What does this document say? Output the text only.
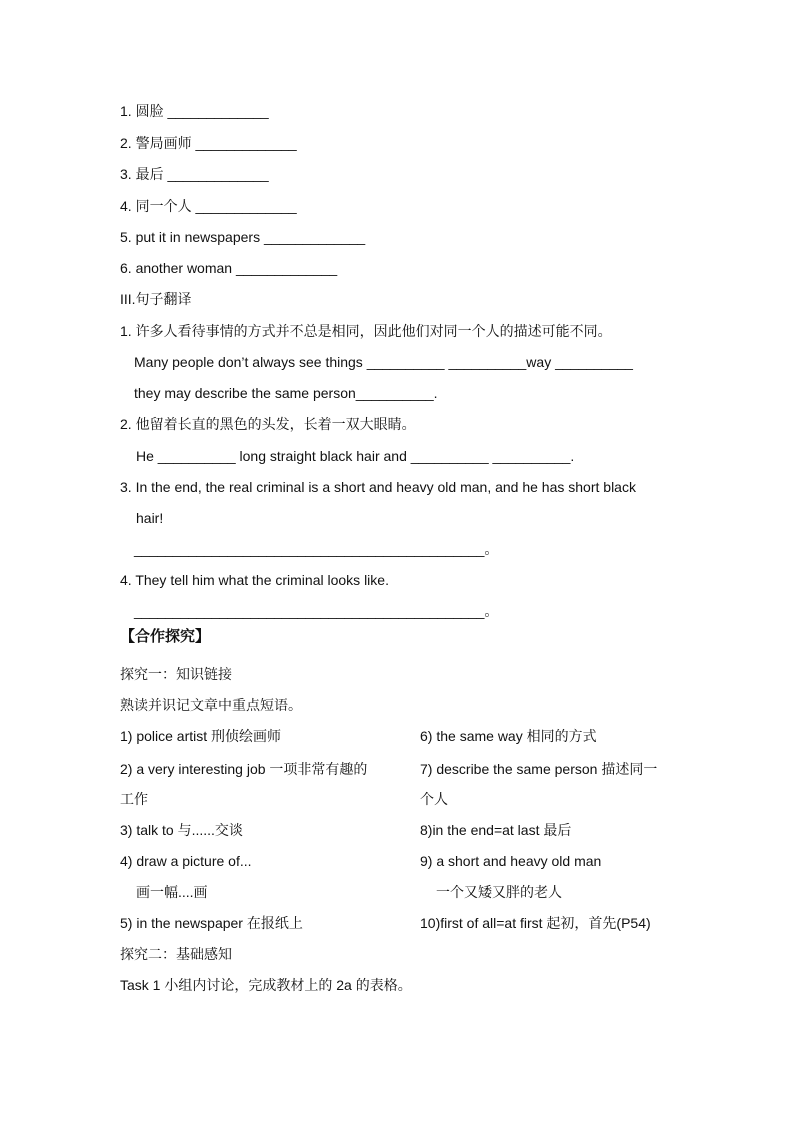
1. 圆脸 _____________
2. 警局画师 _____________
3. 最后 _____________
4. 同一个人 _____________
5. put it in newspapers _____________
6. another woman _____________
III.句子翻译
1. 许多人看待事情的方式并不总是相同，因此他们对同一个人的描述可能不同。
Many people don’t always see things __________ __________way __________
they may describe the same person__________.
2. 他留着长直的黑色的头发，长着一双大眼睛。
He __________ long straight black hair and __________ __________.
3. In the end, the real criminal is a short and heavy old man, and he has short black
hair!
_____________________________________________。
4. They tell him what the criminal looks like.
_____________________________________________。
【合作探究】
探究一：知识链接
熟读并识记文章中重点短语。
1) police artist 刑侦绘画师
2) a very interesting job 一项非常有趣的
工作
3) talk to 与......交谈
4) draw a picture of...
画一幅....画
5) in the newspaper 在报纸上
6) the same way 相同的方式
7) describe the same person 描述同一
个人
8)in the end=at last 最后
9) a short and heavy old man
一个又矮又胖的老人
10)first of all=at first 起初，首先(P54)
探究二：基础感知
Task 1 小组内讨论，完成教材上的 2a 的表格。
